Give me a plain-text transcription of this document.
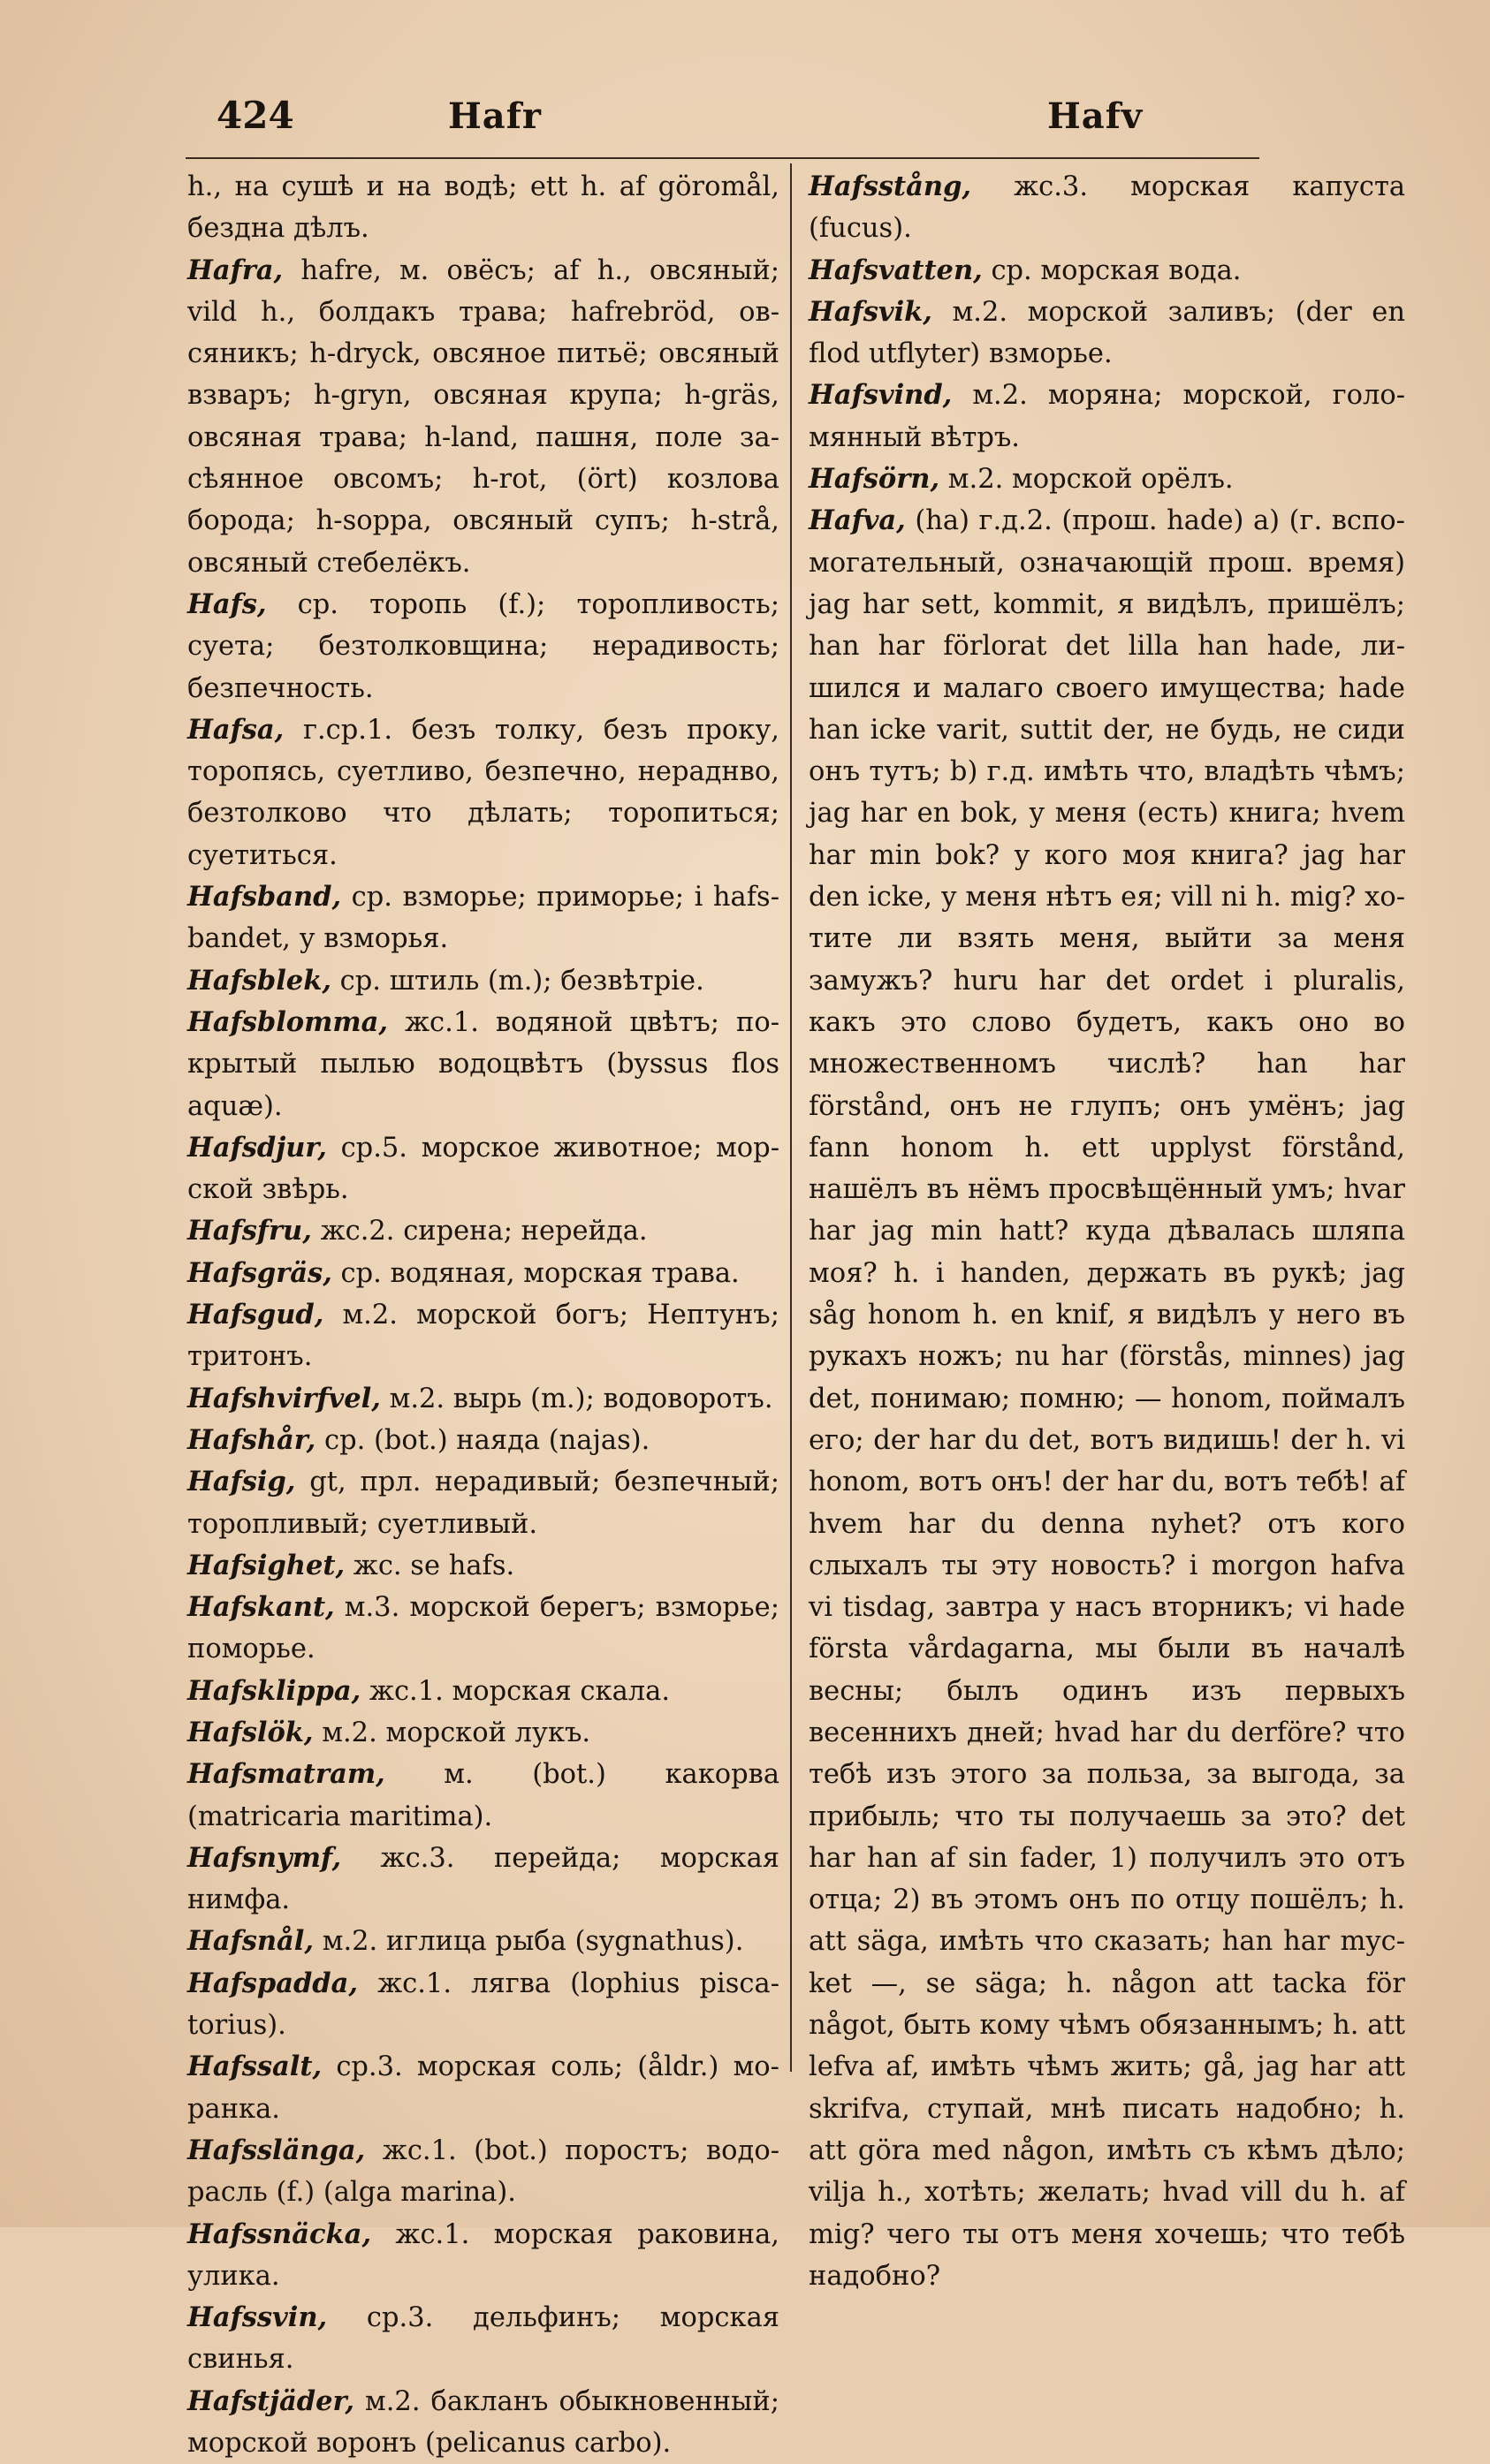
424	Hafr	Hafv

h., на сушѣ и на водѣ; ett h. af göromål, бездна дѣлъ.

Hafra, hafre, м. овёсъ; af h., овсяный; vild h., болдакъ трава; hafrebröd, овсяникъ; h-dryck, овсяное питьё; овсяный взваръ; h-gryn, овсяная крупа; h-gräs, овсяная трава; h-land, пашня, поле засѣянное овсомъ; h-rot, (ört) козлова борода; h-soppa, овсяный супъ; h-strå, овсяный стебелёкъ.

Hafs, ср. торопь (f.); торопливость; суета; безтолковщина; нерадивость; безпечность.

Hafsa, г.ср.1. безъ толку, безъ проку, торопясь, суетливо, безпечно, нераднво, безтолково что дѣлать; торопиться; суетиться.

Hafsband, ср. взморье; приморье; i hafsbandet, у взморья.

Hafsblek, ср. штиль (m.); безвѣтріе.

Hafsblomma, жс.1. водяной цвѣтъ; покрытый пылью водоцвѣтъ (byssus flos aquæ).

Hafsdjur, ср.5. морское животное; морской звѣрь.

Hafsfru, жс.2. сирена; нерейда.

Hafsgräs, ср. водяная, морская трава.

Hafsgud, м.2. морской богъ; Нептунъ; тритонъ.

Hafshvirfvel, м.2. вырь (m.); водоворотъ.

Hafshår, ср. (bot.) наяда (najas).

Hafsig, gt, прл. нерадивый; безпечный; торопливый; суетливый.

Hafsighet, жс. se hafs.

Hafskant, м.3. морской берегъ; взморье; поморье.

Hafsklippa, жс.1. морская скала.

Hafslök, м.2. морской лукъ.

Hafsmatram, м. (bot.) какорва (matricaria maritima).

Hafsnymf, жс.3. перейда; морская нимфа.

Hafsnål, м.2. иглица рыба (sygnathus).

Hafspadda, жс.1. лягва (lophius piscatorius).

Hafssalt, ср.3. морская соль; (åldr.) моранка.

Hafsslänga, жс.1. (bot.) поростъ; водорасль (f.) (alga marina).

Hafssnäcka, жс.1. морская раковина, улика.

Hafssvin, ср.3. дельфинъ; морская свинья.

Hafstjäder, м.2. бакланъ обыкновенный; морской воронъ (pelicanus carbo).

Hafsstång, жс.3. морская капуста (fucus).

Hafsvatten, ср. морская вода.

Hafsvik, м.2. морской заливъ; (der en flod utflyter) взморье.

Hafsvind, м.2. моряна; морской, голомянный вѣтръ.

Hafsörn, м.2. морской орёлъ.

Hafva, (ha) г.д.2. (прош. hade) a) (г. вспомогательный, означающій прош. время) jag har sett, kommit, я видѣлъ, пришёлъ; han har förlorat det lilla han hade, лишился и малаго своего имущества; hade han icke varit, suttit der, не будь, не сиди онъ тутъ; b) г.д. имѣть что, владѣть чѣмъ; jag har en bok, у меня (есть) книга; hvem har min bok? у кого моя книга? jag har den icke, у меня нѣтъ ея; vill ni h. mig? хотите ли взять меня, выйти за меня замужъ? huru har det ordet i pluralis, какъ это слово будетъ, какъ оно во множественномъ числѣ? han har förstånd, онъ не глупъ; онъ умёнъ; jag fann honom h. ett upplyst förstånd, нашёлъ въ нёмъ просвѣщённый умъ; hvar har jag min hatt? куда дѣвалась шляпа моя? h. i handen, держать въ рукѣ; jag såg honom h. en knif, я видѣлъ у него въ рукахъ ножъ; nu har (förstås, minnes) jag det, понимаю; помню; — honom, поймалъ его; der har du det, вотъ видишь! der h. vi honom, вотъ онъ! der har du, вотъ тебѣ! af hvem har du denna nyhet? отъ кого слыхалъ ты эту новость? i morgon hafva vi tisdag, завтра у насъ вторникъ; vi hade första vårdagarna, мы были въ началѣ весны; былъ одинъ изъ первыхъ весеннихъ дней; hvad har du derföre? что тебѣ изъ этого за польза, за выгода, за прибыль; что ты получаешь за это? det har han af sin fader, 1) получилъ это отъ отца; 2) въ этомъ онъ по отцу пошёлъ; h. att säga, имѣть что сказать; han har mycket —, se säga; h. någon att tacka för något, быть кому чѣмъ обязаннымъ; h. att lefva af, имѣть чѣмъ жить; gå, jag har att skrifva, ступай, мнѣ писать надобно; h. att göra med någon, имѣть съ кѣмъ дѣло; vilja h., хотѣть; желать; hvad vill du h. af mig? чего ты отъ меня хочешь; что тебѣ надобно?
